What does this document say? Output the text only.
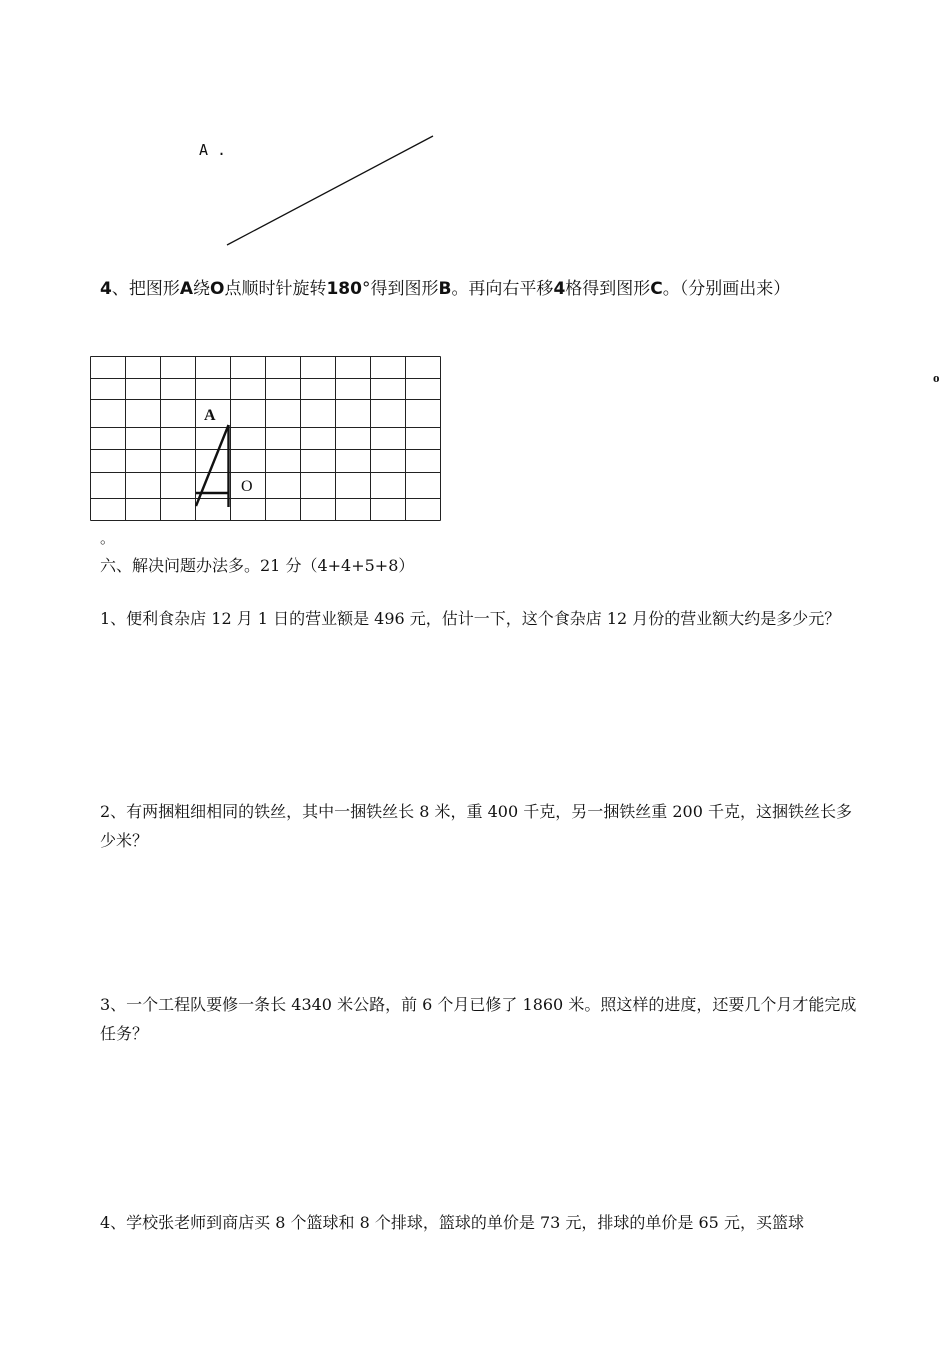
A .
4、把图形A绕O点顺时针旋转180°得到图形B。再向右平移4格得到图形C。（分别画出来）
o
A
O
。
六、解决问题办法多。21 分（4+4+5+8）
1、便利食杂店 12 月 1 日的营业额是 496 元，估计一下，这个食杂店 12 月份的营业额大约是多少元？
2、有两捆粗细相同的铁丝，其中一捆铁丝长 8 米，重 400 千克，另一捆铁丝重 200 千克，这捆铁丝长多少米？
3、一个工程队要修一条长 4340 米公路，前 6 个月已修了 1860 米。照这样的进度，还要几个月才能完成任务？
4、学校张老师到商店买 8 个篮球和 8 个排球，篮球的单价是 73 元，排球的单价是 65 元，买篮球
